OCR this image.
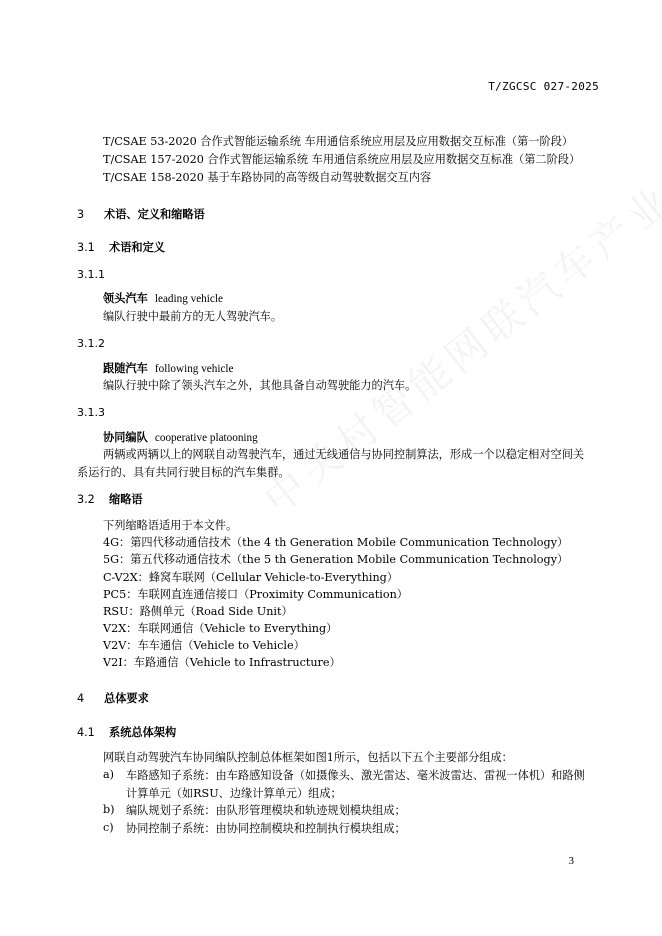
T/ZGCSC 027-2025
T/CSAE 53-2020 合作式智能运输系统 车用通信系统应用层及应用数据交互标准（第一阶段）
T/CSAE 157-2020 合作式智能运输系统 车用通信系统应用层及应用数据交互标准（第二阶段）
T/CSAE 158-2020 基于车路协同的高等级自动驾驶数据交互内容
3 术语、定义和缩略语
3.1 术语和定义
3.1.1
领头汽车 leading vehicle
编队行驶中最前方的无人驾驶汽车。
3.1.2
跟随汽车 following vehicle
编队行驶中除了领头汽车之外，其他具备自动驾驶能力的汽车。
3.1.3
协同编队 cooperative platooning
两辆或两辆以上的网联自动驾驶汽车，通过无线通信与协同控制算法，形成一个以稳定相对空间关
系运行的、具有共同行驶目标的汽车集群。
3.2 缩略语
下列缩略语适用于本文件。
4G：第四代移动通信技术（the 4 th Generation Mobile Communication Technology）
5G：第五代移动通信技术（the 5 th Generation Mobile Communication Technology）
C-V2X：蜂窝车联网（Cellular Vehicle-to-Everything）
PC5：车联网直连通信接口（Proximity Communication）
RSU：路侧单元（Road Side Unit）
V2X：车联网通信（Vehicle to Everything）
V2V：车车通信（Vehicle to Vehicle）
V2I：车路通信（Vehicle to Infrastructure）
4 总体要求
4.1 系统总体架构
网联自动驾驶汽车协同编队控制总体框架如图1所示，包括以下五个主要部分组成：
a) 车路感知子系统：由车路感知设备（如摄像头、激光雷达、毫米波雷达、雷视一体机）和路侧
计算单元（如RSU、边缘计算单元）组成；
b) 编队规划子系统：由队形管理模块和轨迹规划模块组成；
c) 协同控制子系统：由协同控制模块和控制执行模块组成；
3
